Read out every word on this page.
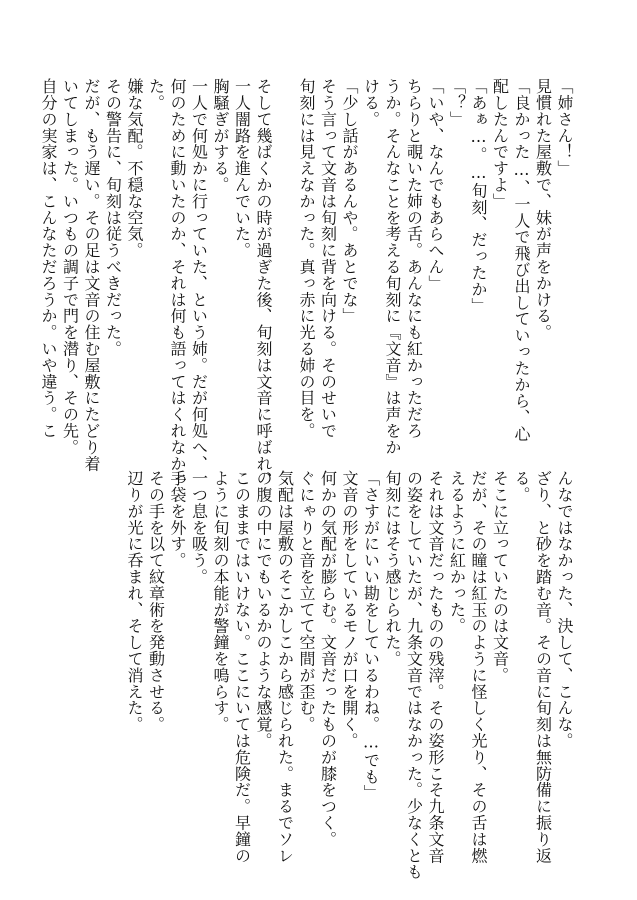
「姉さん！」
見慣れた屋敷で、妹が声をかける。
「良かった…、一人で飛び出していったから、心
配したんですよ」
「あぁ…。…旬刻、だったか」
「？」
「いや、なんでもあらへん」
ちらりと覗いた姉の舌。あんなにも紅かっただろ
うか。そんなことを考える旬刻に『文音』は声をか
ける。
「少し話があるんや。あとでな」
そう言って文音は旬刻に背を向ける。そのせいで
旬刻には見えなかった。真っ赤に光る姉の目を。

そして幾ばくかの時が過ぎた後、旬刻は文音に呼ばれ、
一人闇路を進んでいた。
胸騒ぎがする。
一人で何処かに行っていた、という姉。だが何処へ、
何のために動いたのか、それは何も語ってはくれなかっ
た。
嫌な気配。不穏な空気。
その警告に、旬刻は従うべきだった。
だが、もう遅い。その足は文音の住む屋敷にたどり着
いてしまった。いつもの調子で門を潜り、その先。
自分の実家は、こんなただろうか。いや違う。こ
んなではなかった、決して、こんな。
ざり、と砂を踏む音。その音に旬刻は無防備に振り返
る。
そこに立っていたのは文音。
だが、その瞳は紅玉のように怪しく光り、その舌は燃
えるように紅かった。
それは文音だったものの残滓。その姿形こそ九条文音
の姿をしていたが、九条文音ではなかった。少なくとも
旬刻にはそう感じられた。
「さすがにいい勘をしているわね。…でも」
文音の形をしているモノが口を開く。
何かの気配が膨らむ。文音だったものが膝をつく。
ぐにゃりと音を立てて空間が歪む。
気配は屋敷のそこかしこから感じられた。まるでソレ
の腹の中にでもいるかのような感覚。
このままではいけない。ここにいては危険だ。早鐘の
ように旬刻の本能が警鐘を鳴らす。
一つ息を吸う。
手袋を外す。
その手を以て紋章術を発動させる。
辺りが光に呑まれ、そして消えた。
